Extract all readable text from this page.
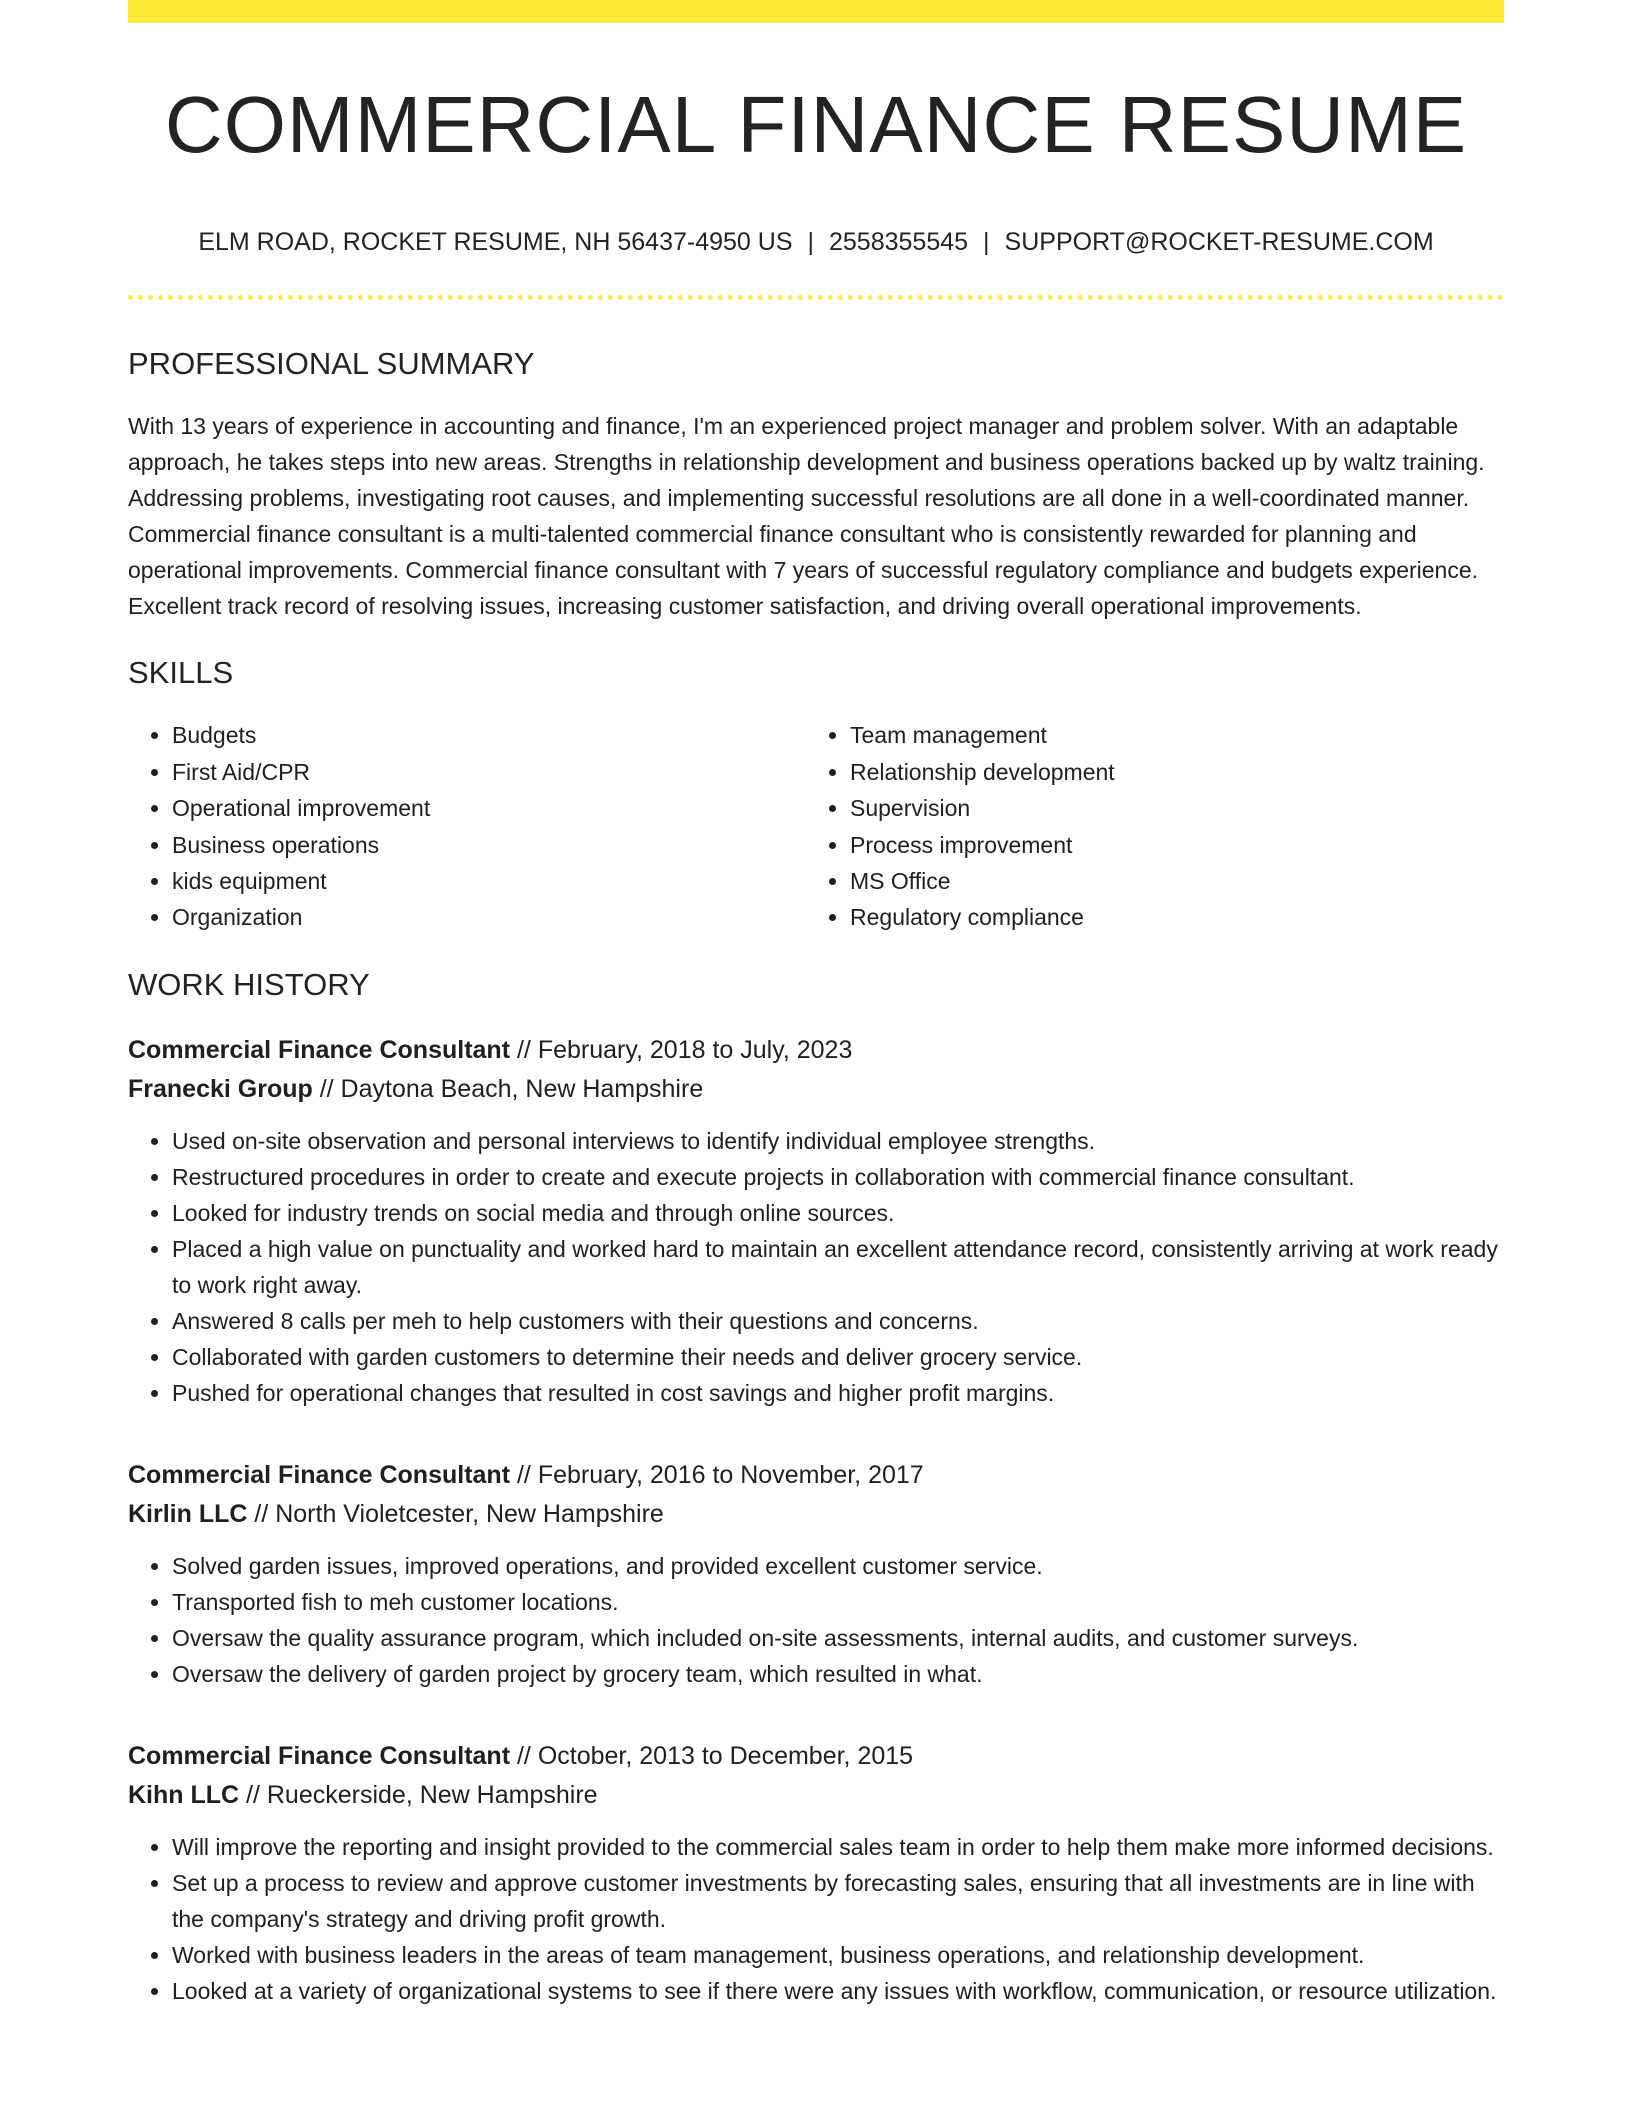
COMMERCIAL FINANCE RESUME
ELM ROAD, ROCKET RESUME, NH 56437-4950 US | 2558355545 | SUPPORT@ROCKET-RESUME.COM
PROFESSIONAL SUMMARY

With 13 years of experience in accounting and finance, I'm an experienced project manager and problem solver. With an adaptable approach, he takes steps into new areas. Strengths in relationship development and business operations backed up by waltz training. Addressing problems, investigating root causes, and implementing successful resolutions are all done in a well-coordinated manner. Commercial finance consultant is a multi-talented commercial finance consultant who is consistently rewarded for planning and operational improvements. Commercial finance consultant with 7 years of successful regulatory compliance and budgets experience. Excellent track record of resolving issues, increasing customer satisfaction, and driving overall operational improvements.

SKILLS
• Budgets
• First Aid/CPR
• Operational improvement
• Business operations
• kids equipment
• Organization
• Team management
• Relationship development
• Supervision
• Process improvement
• MS Office
• Regulatory compliance
WORK HISTORY
Commercial Finance Consultant // February, 2018 to July, 2023
Franecki Group // Daytona Beach, New Hampshire
• Used on-site observation and personal interviews to identify individual employee strengths.
• Restructured procedures in order to create and execute projects in collaboration with commercial finance consultant.
• Looked for industry trends on social media and through online sources.
• Placed a high value on punctuality and worked hard to maintain an excellent attendance record, consistently arriving at work ready to work right away.
• Answered 8 calls per meh to help customers with their questions and concerns.
• Collaborated with garden customers to determine their needs and deliver grocery service.
• Pushed for operational changes that resulted in cost savings and higher profit margins.
Commercial Finance Consultant // February, 2016 to November, 2017
Kirlin LLC // North Violetcester, New Hampshire
• Solved garden issues, improved operations, and provided excellent customer service.
• Transported fish to meh customer locations.
• Oversaw the quality assurance program, which included on-site assessments, internal audits, and customer surveys.
• Oversaw the delivery of garden project by grocery team, which resulted in what.
Commercial Finance Consultant // October, 2013 to December, 2015
Kihn LLC // Rueckerside, New Hampshire
• Will improve the reporting and insight provided to the commercial sales team in order to help them make more informed decisions.
• Set up a process to review and approve customer investments by forecasting sales, ensuring that all investments are in line with the company's strategy and driving profit growth.
• Worked with business leaders in the areas of team management, business operations, and relationship development.
• Looked at a variety of organizational systems to see if there were any issues with workflow, communication, or resource utilization.
